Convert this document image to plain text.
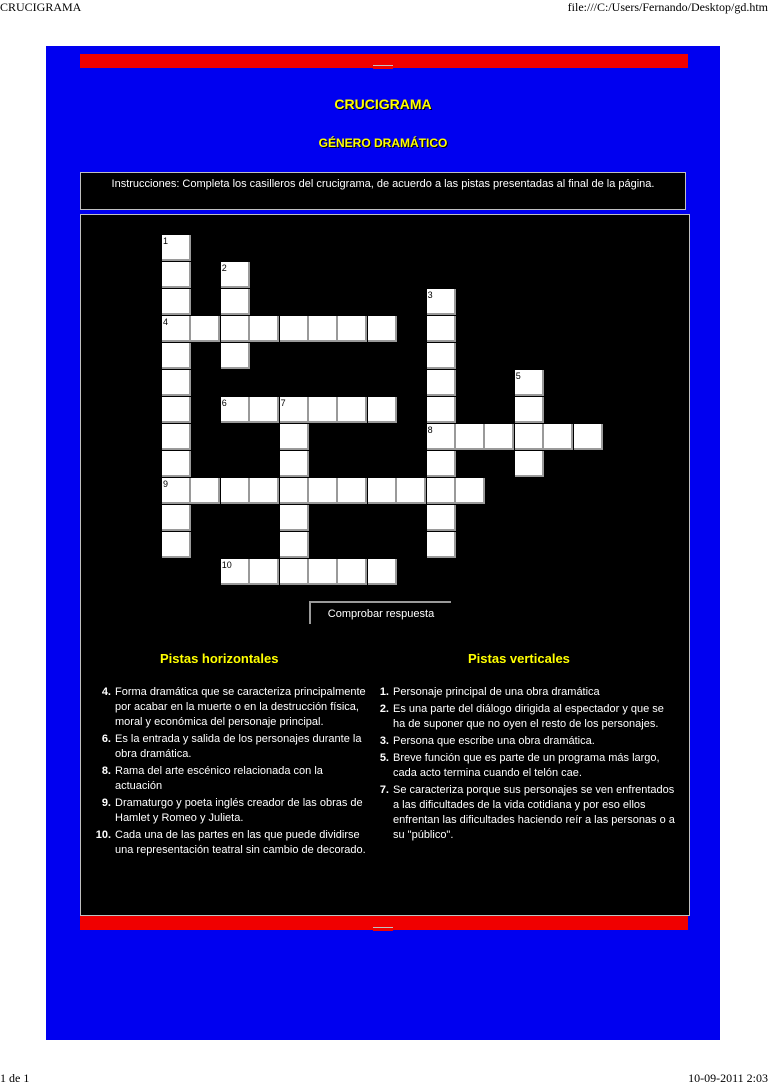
CRUCIGRAMA	file:///C:/Users/Fernando/Desktop/gd.htm
CRUCIGRAMA
GÉNERO DRAMÁTICO
Instrucciones: Completa los casilleros del crucigrama, de acuerdo a las pistas presentadas al final de la página.
1
4
9
2
3
8
5
6	7
10
Comprobar respuesta
Pistas horizontales	Pistas verticales
4. Forma dramática que se caracteriza principalmente por acabar en la muerte o en la destrucción física, moral y económica del personaje principal.
6. Es la entrada y salida de los personajes durante la obra dramática.
8. Rama del arte escénico relacionada con la actuación
9. Dramaturgo y poeta inglés creador de las obras de Hamlet y Romeo y Julieta.
10. Cada una de las partes en las que puede dividirse una representación teatral sin cambio de decorado.
1. Personaje principal de una obra dramática
2. Es una parte del diálogo dirigida al espectador y que se ha de suponer que no oyen el resto de los personajes.
3. Persona que escribe una obra dramática.
5. Breve función que es parte de un programa más largo, cada acto termina cuando el telón cae.
7. Se caracteriza porque sus personajes se ven enfrentados a las dificultades de la vida cotidiana y por eso ellos enfrentan las dificultades haciendo reír a las personas o a su "público".
1 de 1	10-09-2011 2:03
